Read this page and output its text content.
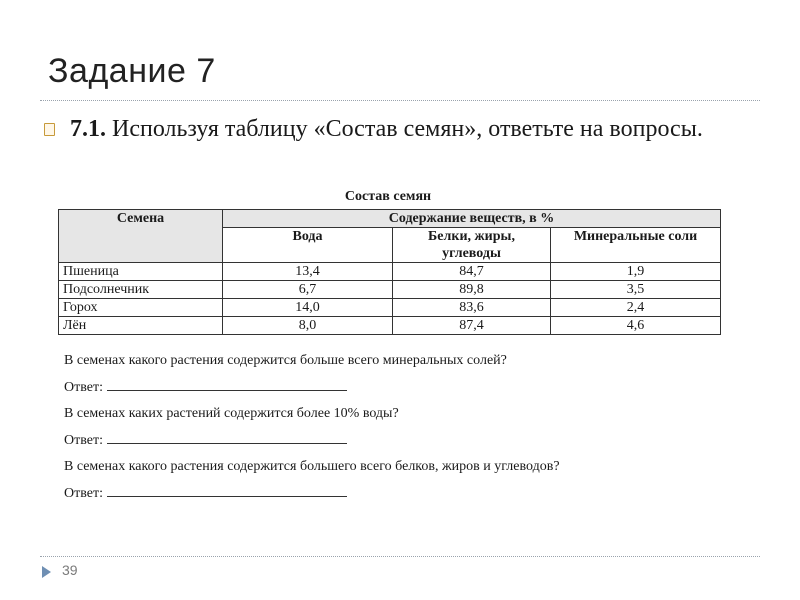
Задание 7
7.1. Используя таблицу «Состав семян», ответьте на вопросы.
Состав семян
Семена	Содержание веществ, в %		
	Вода	Белки, жиры, углеводы	Минеральные соли
Пшеница	13,4	84,7	1,9
Подсолнечник	6,7	89,8	3,5
Горох	14,0	83,6	2,4
Лён	8,0	87,4	4,6
В семенах какого растения содержится больше всего минеральных солей?
Ответ:
В семенах каких растений содержится более 10% воды?
Ответ:
В семенах какого растения содержится большего всего белков, жиров и углеводов?
Ответ:
39
